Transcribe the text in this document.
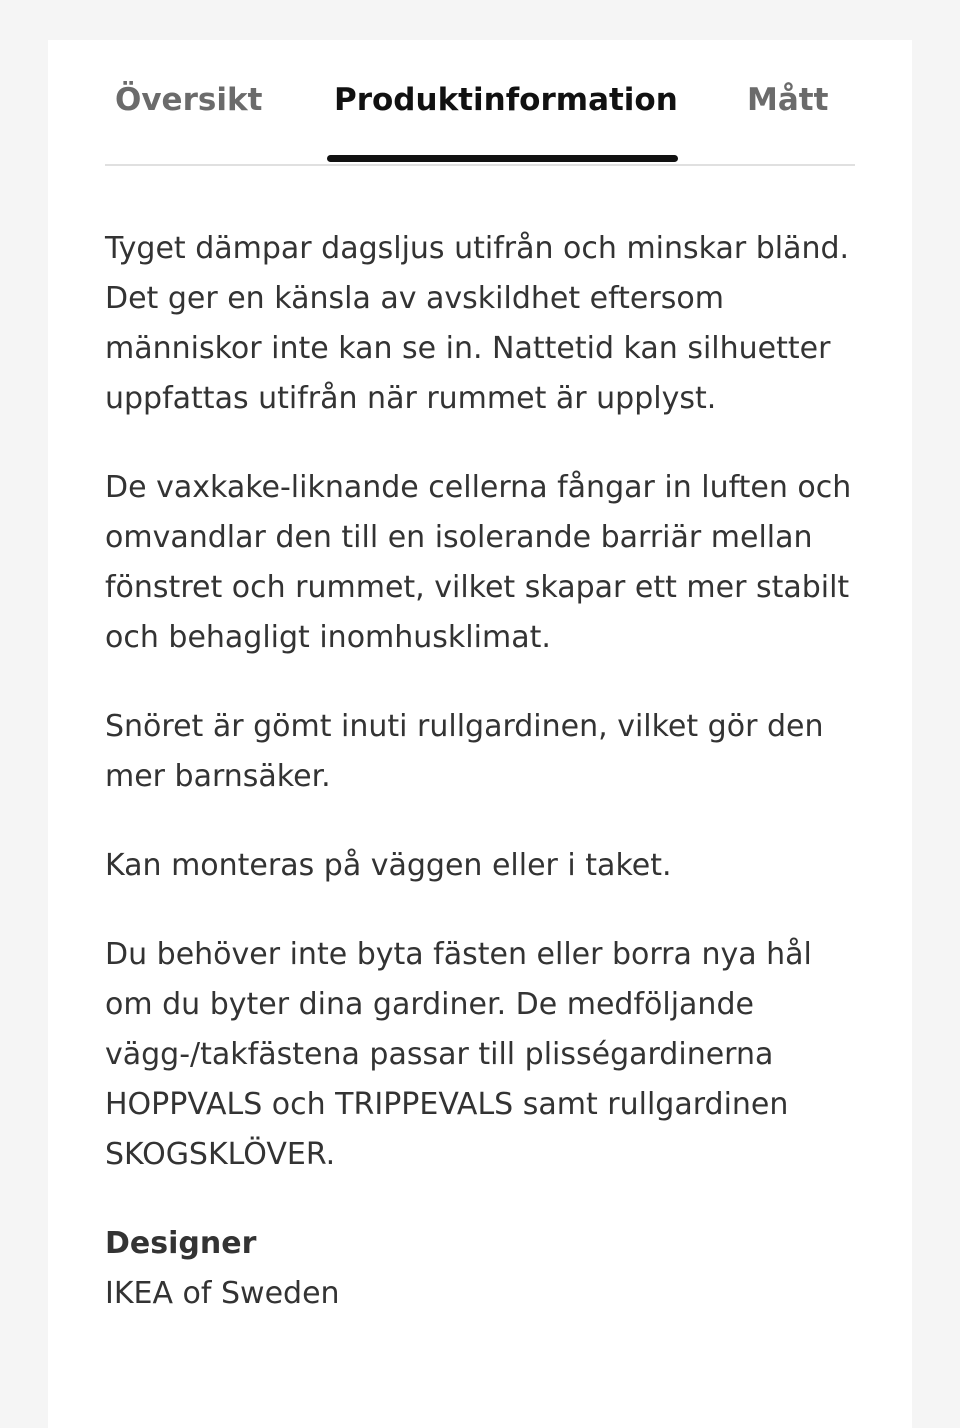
Översikt Produktinformation Mått

Tyget dämpar dagsljus utifrån och minskar bländ. Det ger en känsla av avskildhet eftersom människor inte kan se in. Nattetid kan silhuetter uppfattas utifrån när rummet är upplyst.

De vaxkake-liknande cellerna fångar in luften och omvandlar den till en isolerande barriär mellan fönstret och rummet, vilket skapar ett mer stabilt och behagligt inomhusklimat.

Snöret är gömt inuti rullgardinen, vilket gör den mer barnsäker.

Kan monteras på väggen eller i taket.

Du behöver inte byta fästen eller borra nya hål om du byter dina gardiner. De medföljande vägg-/takfästena passar till plisségardinerna HOPPVALS och TRIPPEVALS samt rullgardinen SKOGSKLÖVER.

Designer
IKEA of Sweden
